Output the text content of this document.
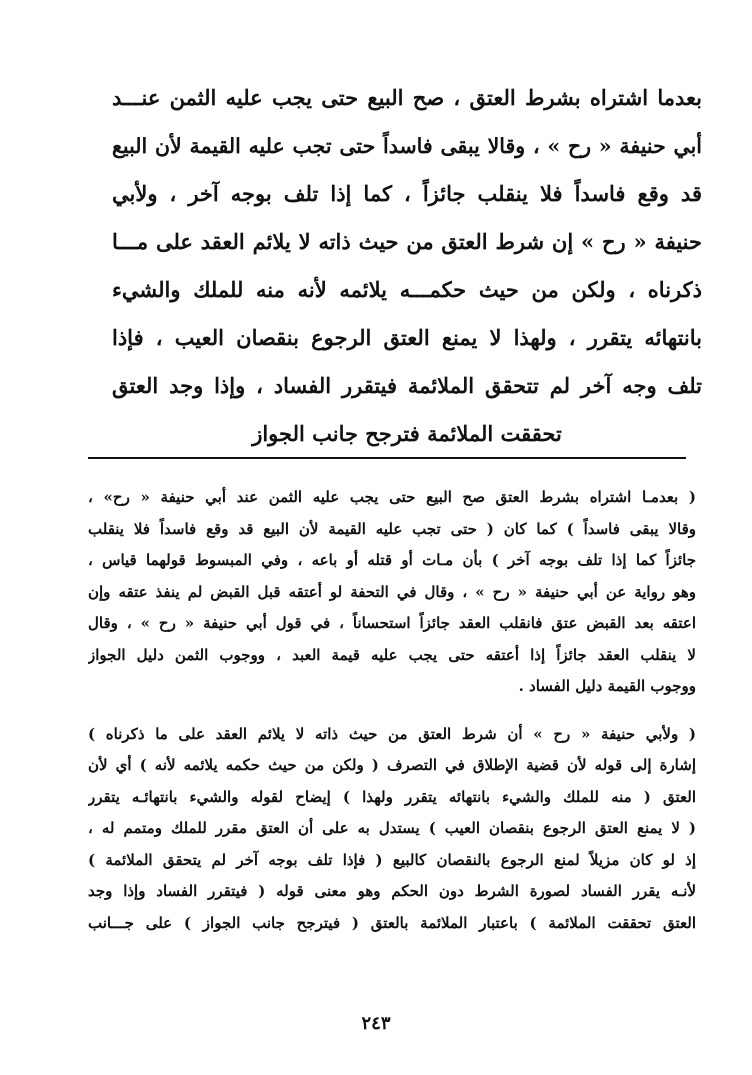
بعدما اشتراه بشرط العتق ، صح البيع حتى يجب عليه الثمن عنـــد
أبي حنيفة « رح » ، وقالا يبقى فاسداً حتى تجب عليه القيمة لأن البيع
قد وقع فاسداً فلا ينقلب جائزاً ، كما إذا تلف بوجه آخر ، ولأبي
حنيفة « رح » إن شرط العتق من حيث ذاته لا يلائم العقد على مـــا
ذكرناه ، ولكن من حيث حكمـــه يلائمه لأنه منه للملك والشيء
بانتهائه يتقرر ، ولهذا لا يمنع العتق الرجوع بنقصان العيب ، فإذا
تلف وجه آخر لم تتحقق الملائمة فيتقرر الفساد ، وإذا وجد العتق
تحققت الملائمة فترجح جانب الجواز
( بعدمـا اشتراه بشرط العتق صح البيع حتى يجب عليه الثمن عند أبي حنيفة « رح» ،
وقالا يبقى فاسداً ) كما كان ( حتى تجب عليه القيمة لأن البيع قد وقع فاسداً فلا ينقلب
جائزاً كما إذا تلف بوجه آخر ) بأن مـات أو قتله أو باعه ، وفي المبسوط قولهما قياس ،
وهو رواية عن أبي حنيفة « رح » ، وقال في التحفة لو أعتقه قبل القبض لم ينفذ عتقه وإن
اعتقه بعد القبض عتق فانقلب العقد جائزاً استحساناً ، في قول أبي حنيفة « رح » ، وقال
لا ينقلب العقد جائزاً إذا أعتقه حتى يجب عليه قيمة العبد ، ووجوب الثمن دليل الجواز
ووجوب القيمة دليل الفساد .
( ولأبي حنيفة « رح » أن شرط العتق من حيث ذاته لا يلائم العقد على ما ذكرناه )
إشارة إلى قوله لأن قضية الإطلاق في التصرف ( ولكن من حيث حكمه يلائمه لأنه ) أي لأن
العتق ( منه للملك والشيء بانتهائه يتقرر ولهذا ) إيضاح لقوله والشيء بانتهائـه يتقرر
( لا يمنع العتق الرجوع بنقصان العيب ) يستدل به على أن العتق مقرر للملك ومتمم له ،
إذ لو كان مزيلاً لمنع الرجوع بالنقصان كالبيع ( فإذا تلف بوجه آخر لم يتحقق الملائمة )
لأنـه يقرر الفساد لصورة الشرط دون الحكم وهو معنى قوله ( فيتقرر الفساد وإذا وجد
العتق تحققت الملائمة ) باعتبار الملائمة بالعتق ( فيترجح جانب الجواز ) على جـــانب
٢٤٣
